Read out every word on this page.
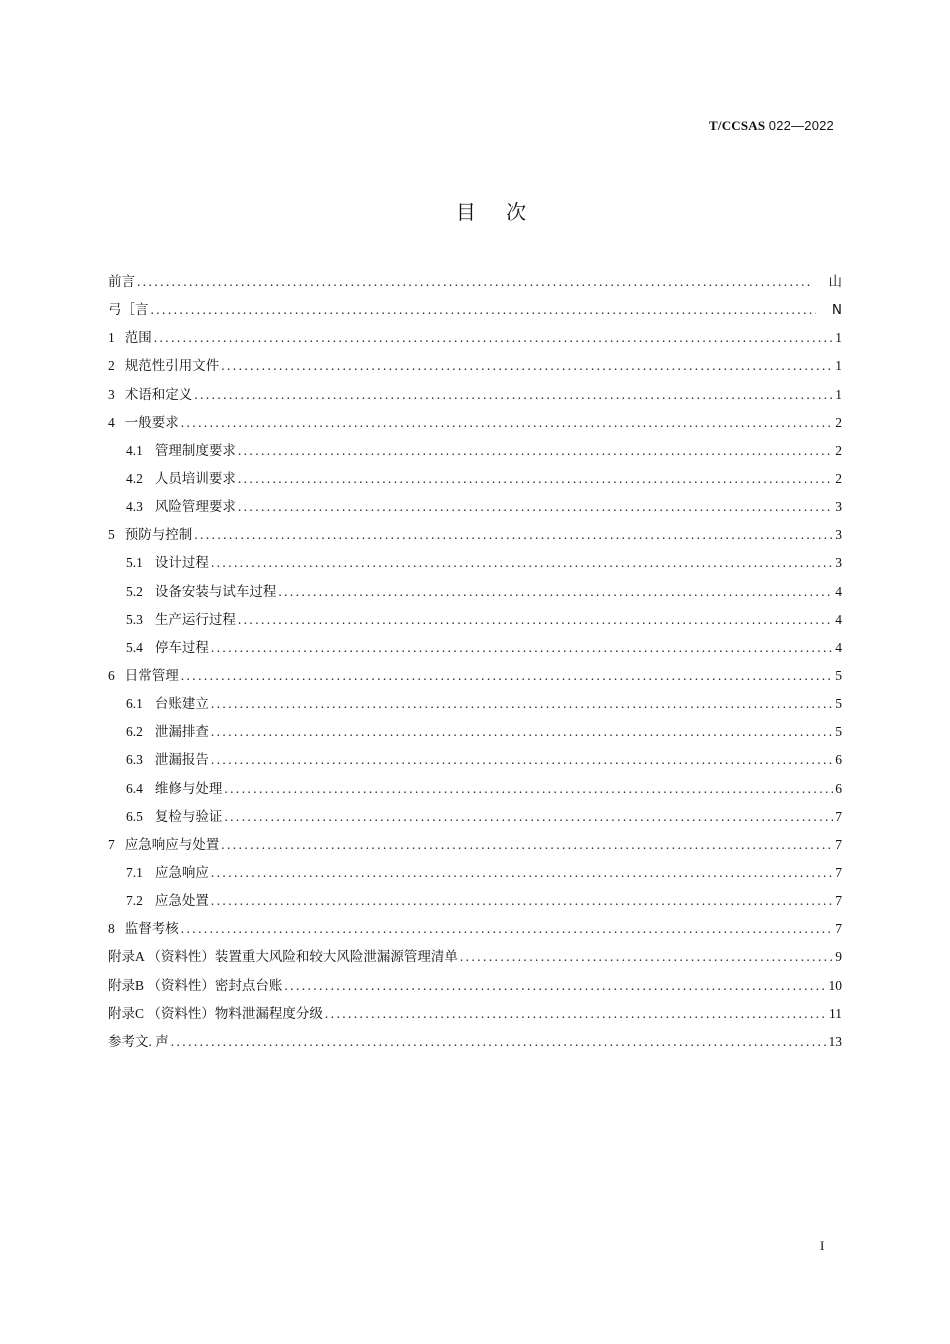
T/CCSAS 022—2022
目 次
前言 .....	山
弓［言 .....	N
1 范围 .....	1
2 规范性引用文件 .....	1
3 术语和定义 .....	1
4 一般要求 .....	2
4.1 管理制度要求 .....	2
4.2 人员培训要求 .....	2
4.3 风险管理要求 .....	3
5 预防与控制 .....	3
5.1 设计过程 .....	3
5.2 设备安装与试车过程 .....	4
5.3 生产运行过程 .....	4
5.4 停车过程 .....	4
6 日常管理 .....	5
6.1 台账建立 .....	5
6.2 泄漏排查 .....	5
6.3 泄漏报告 .....	6
6.4 维修与处理 .....	6
6.5 复检与验证 .....	7
7 应急响应与处置 .....	7
7.1 应急响应 .....	7
7.2 应急处置 .....	7
8 监督考核 .....	7
附录A （资料性）装置重大风险和较大风险泄漏源管理清单 .....	9
附录B （资料性）密封点台账 .....	10
附录C （资料性）物料泄漏程度分级 .....	11
参考文. 声 .....	13
I
